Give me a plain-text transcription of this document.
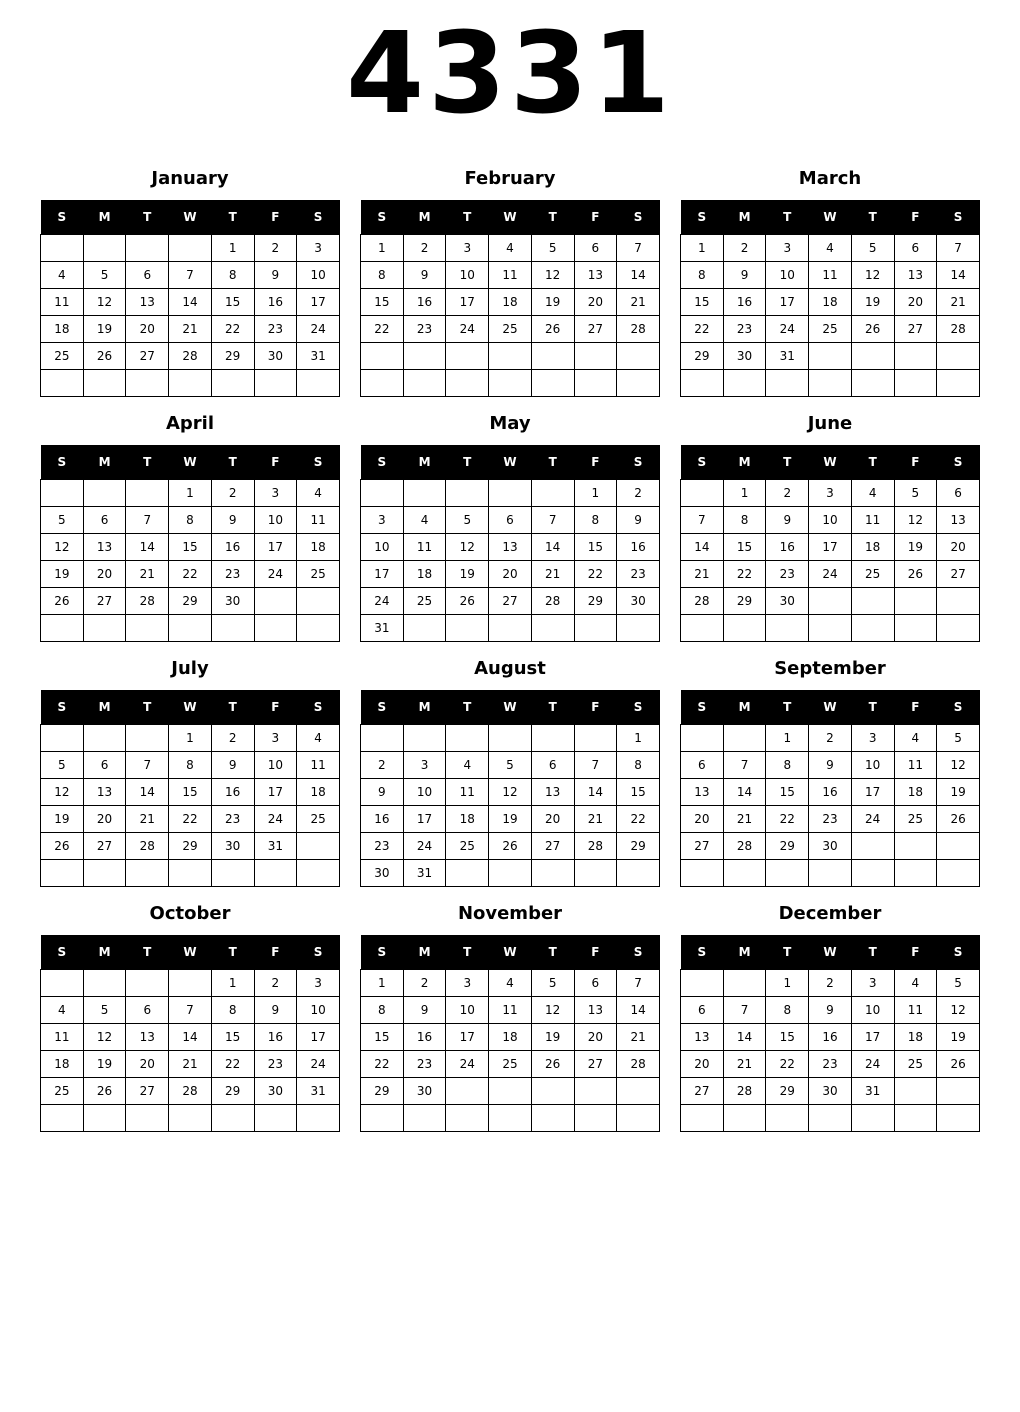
4331
January
S	M	T	W	T	F	S
				1	2	3
4	5	6	7	8	9	10
11	12	13	14	15	16	17
18	19	20	21	22	23	24
25	26	27	28	29	30	31

February
S	M	T	W	T	F	S
1	2	3	4	5	6	7
8	9	10	11	12	13	14
15	16	17	18	19	20	21
22	23	24	25	26	27	28

March
S	M	T	W	T	F	S
1	2	3	4	5	6	7
8	9	10	11	12	13	14
15	16	17	18	19	20	21
22	23	24	25	26	27	28
29	30	31				

April
S	M	T	W	T	F	S
			1	2	3	4
5	6	7	8	9	10	11
12	13	14	15	16	17	18
19	20	21	22	23	24	25
26	27	28	29	30		

May
S	M	T	W	T	F	S
					1	2
3	4	5	6	7	8	9
10	11	12	13	14	15	16
17	18	19	20	21	22	23
24	25	26	27	28	29	30
31						
June
S	M	T	W	T	F	S
	1	2	3	4	5	6
7	8	9	10	11	12	13
14	15	16	17	18	19	20
21	22	23	24	25	26	27
28	29	30				

July
S	M	T	W	T	F	S
			1	2	3	4
5	6	7	8	9	10	11
12	13	14	15	16	17	18
19	20	21	22	23	24	25
26	27	28	29	30	31	

August
S	M	T	W	T	F	S
						1
2	3	4	5	6	7	8
9	10	11	12	13	14	15
16	17	18	19	20	21	22
23	24	25	26	27	28	29
30	31					
September
S	M	T	W	T	F	S
		1	2	3	4	5
6	7	8	9	10	11	12
13	14	15	16	17	18	19
20	21	22	23	24	25	26
27	28	29	30			

October
S	M	T	W	T	F	S
				1	2	3
4	5	6	7	8	9	10
11	12	13	14	15	16	17
18	19	20	21	22	23	24
25	26	27	28	29	30	31

November
S	M	T	W	T	F	S
1	2	3	4	5	6	7
8	9	10	11	12	13	14
15	16	17	18	19	20	21
22	23	24	25	26	27	28
29	30					

December
S	M	T	W	T	F	S
		1	2	3	4	5
6	7	8	9	10	11	12
13	14	15	16	17	18	19
20	21	22	23	24	25	26
27	28	29	30	31		
